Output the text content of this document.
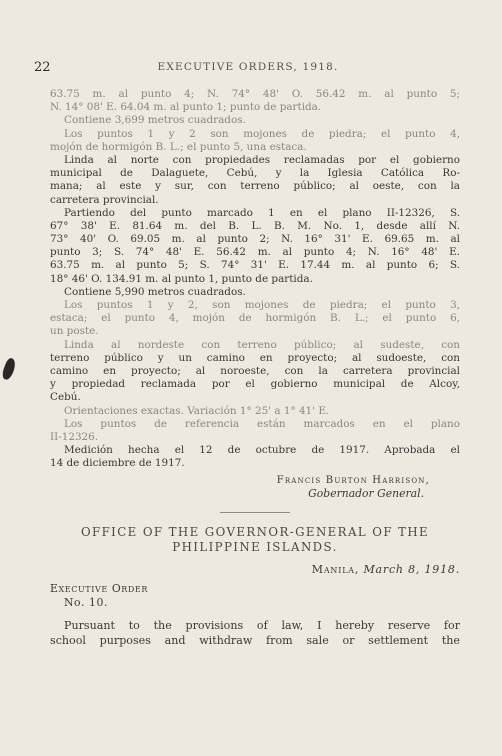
22	EXECUTIVE ORDERS, 1918.
63.75 m. al punto 4; N. 74° 48' O. 56.42 m. al punto 5;
N. 14° 08' E. 64.04 m. al punto 1; punto de partida.
Contiene 3,699 metros cuadrados.
Los puntos 1 y 2 son mojones de piedra; el punto 4,
mojón de hormigón B. L.; el punto 5, una estaca.
Linda al norte con propiedades reclamadas por el gobierno
municipal de Dalaguete, Cebú, y la Iglesia Católica Ro-
mana; al este y sur, con terreno público; al oeste, con la
carretera provincial.
Partiendo del punto marcado 1 en el plano II-12326, S.
67° 38' E. 81.64 m. del B. L. B. M. No. 1, desde allí N.
73° 40' O. 69.05 m. al punto 2; N. 16° 31' E. 69.65 m. al
punto 3; S. 74° 48' E. 56.42 m. al punto 4; N. 16° 48' E.
63.75 m. al punto 5; S. 74° 31' E. 17.44 m. al punto 6; S.
18° 46' O. 134.91 m. al punto 1, punto de partida.
Contiene 5,990 metros cuadrados.
Los puntos 1 y 2, son mojones de piedra; el punto 3,
estaca; el punto 4, mojón de hormigón B. L.; el punto 6,
un poste.
Linda al nordeste con terreno público; al sudeste, con
terreno público y un camino en proyecto; al sudoeste, con
camino en proyecto; al noroeste, con la carretera provincial
y propiedad reclamada por el gobierno municipal de Alcoy,
Cebú.
Orientaciones exactas. Variación 1° 25' a 1° 41' E.
Los puntos de referencia están marcados en el plano
II-12326.
Medición hecha el 12 de octubre de 1917. Aprobada el
14 de diciembre de 1917.
Francis Burton Harrison,
Gobernador General.
OFFICE OF THE GOVERNOR-GENERAL OF THE
PHILIPPINE ISLANDS.
Manila, March 8, 1918.
Executive Order
No. 10.
Pursuant to the provisions of law, I hereby reserve for
school purposes and withdraw from sale or settlement the
